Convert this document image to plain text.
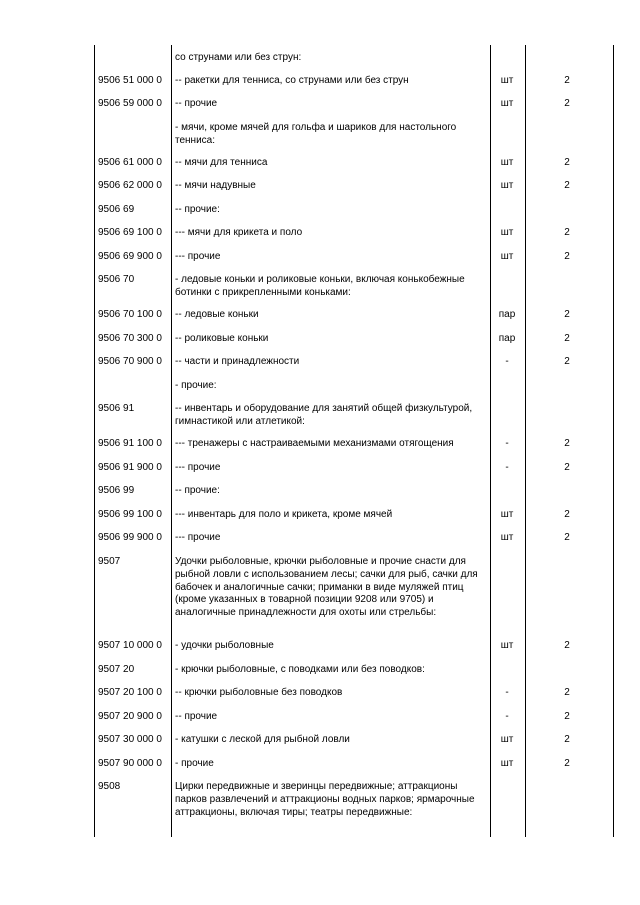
со струнами или без струн:
9506 51 000 0	-- ракетки для тенниса, со струнами или без струн	шт	2
9506 59 000 0	-- прочие	шт	2
- мячи, кроме мячей для гольфа и шариков для настольного тенниса:
9506 61 000 0	-- мячи для тенниса	шт	2
9506 62 000 0	-- мячи надувные	шт	2
9506 69	-- прочие:
9506 69 100 0	--- мячи для крикета и поло	шт	2
9506 69 900 0	--- прочие	шт	2
9506 70	- ледовые коньки и роликовые коньки, включая конькобежные ботинки с прикрепленными коньками:
9506 70 100 0	-- ледовые коньки	пар	2
9506 70 300 0	-- роликовые коньки	пар	2
9506 70 900 0	-- части и принадлежности	-	2
- прочие:
9506 91	-- инвентарь и оборудование для занятий общей физкультурой, гимнастикой или атлетикой:
9506 91 100 0	--- тренажеры с настраиваемыми механизмами отягощения	-	2
9506 91 900 0	--- прочие	-	2
9506 99	-- прочие:
9506 99 100 0	--- инвентарь для поло и крикета, кроме мячей	шт	2
9506 99 900 0	--- прочие	шт	2
9507	Удочки рыболовные, крючки рыболовные и прочие снасти для рыбной ловли с использованием лесы; сачки для рыб, сачки для бабочек и аналогичные сачки; приманки в виде муляжей птиц (кроме указанных в товарной позиции 9208 или 9705) и аналогичные принадлежности для охоты или стрельбы:
9507 10 000 0	- удочки рыболовные	шт	2
9507 20	- крючки рыболовные, с поводками или без поводков:
9507 20 100 0	-- крючки рыболовные без поводков	-	2
9507 20 900 0	-- прочие	-	2
9507 30 000 0	- катушки с леской для рыбной ловли	шт	2
9507 90 000 0	- прочие	шт	2
9508	Цирки передвижные и зверинцы передвижные; аттракционы парков развлечений и аттракционы водных парков; ярмарочные аттракционы, включая тиры; театры передвижные:
